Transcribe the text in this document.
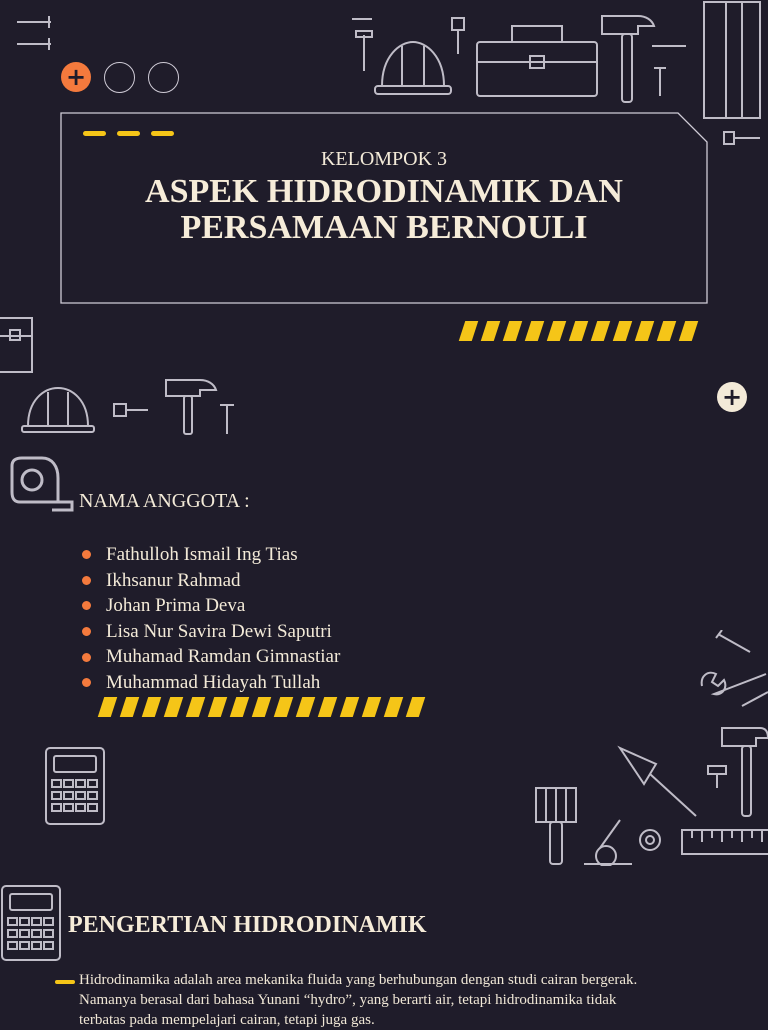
+
+
KELOMPOK 3
ASPEK HIDRODINAMIK DAN
PERSAMAAN BERNOULI
NAMA ANGGOTA :
Fathulloh Ismail Ing Tias
Ikhsanur Rahmad
Johan Prima Deva
Lisa Nur Savira Dewi Saputri
Muhamad Ramdan Gimnastiar
Muhammad Hidayah Tullah
PENGERTIAN HIDRODINAMIK
Hidrodinamika adalah area mekanika fluida yang berhubungan dengan studi cairan bergerak. Namanya berasal dari bahasa Yunani “hydro”, yang berarti air, tetapi hidrodinamika tidak terbatas pada mempelajari cairan, tetapi juga gas.
